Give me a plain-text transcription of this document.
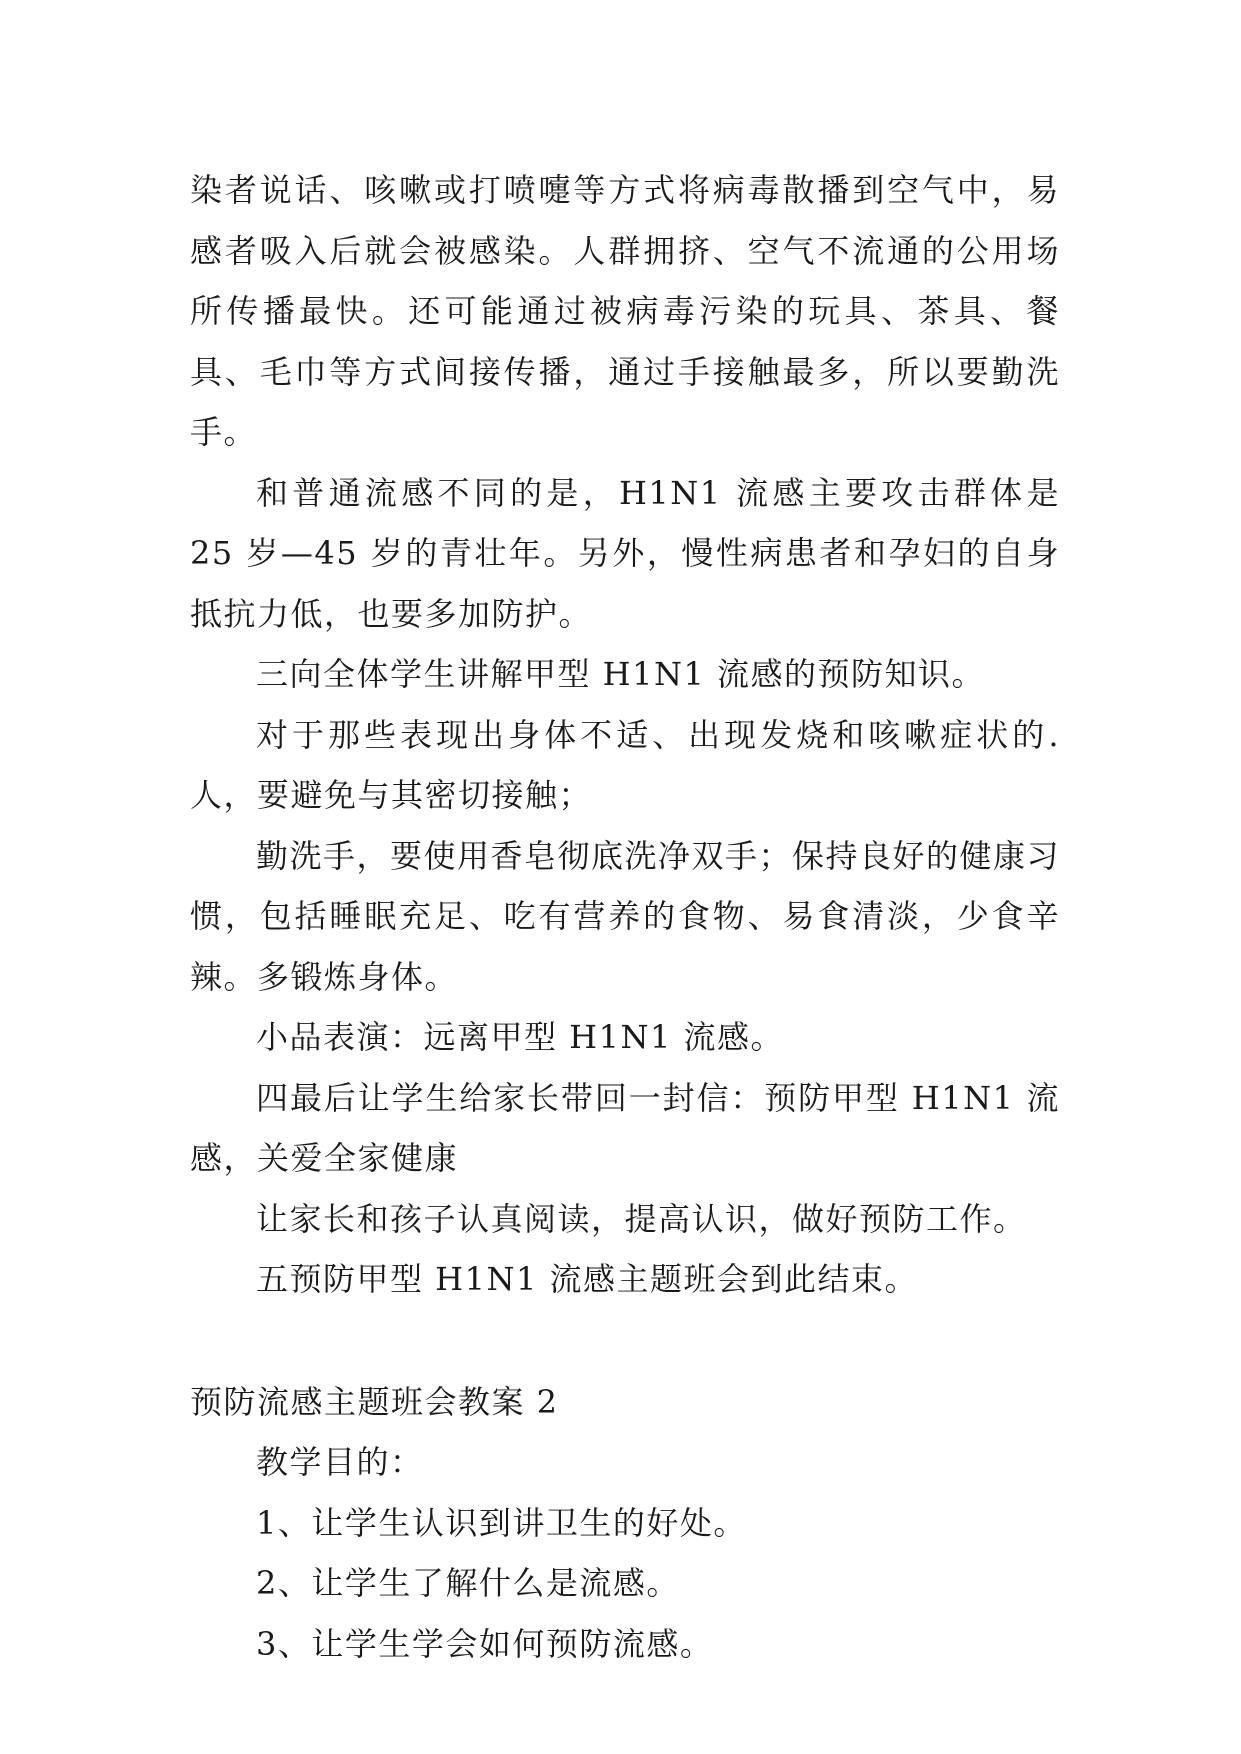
染者说话、咳嗽或打喷嚏等方式将病毒散播到空气中，易感者吸入后就会被感染。人群拥挤、空气不流通的公用场所传播最快。还可能通过被病毒污染的玩具、茶具、餐具、毛巾等方式间接传播，通过手接触最多，所以要勤洗手。

和普通流感不同的是，H1N1 流感主要攻击群体是 25 岁—45 岁的青壮年。另外，慢性病患者和孕妇的自身抵抗力低，也要多加防护。

三向全体学生讲解甲型 H1N1 流感的预防知识。

对于那些表现出身体不适、出现发烧和咳嗽症状的.人，要避免与其密切接触；

勤洗手，要使用香皂彻底洗净双手；保持良好的健康习惯，包括睡眠充足、吃有营养的食物、易食清淡，少食辛辣。多锻炼身体。

小品表演：远离甲型 H1N1 流感。

四最后让学生给家长带回一封信：预防甲型 H1N1 流感，关爱全家健康

让家长和孩子认真阅读，提高认识，做好预防工作。

五预防甲型 H1N1 流感主题班会到此结束。

预防流感主题班会教案 2

教学目的：

1、让学生认识到讲卫生的好处。

2、让学生了解什么是流感。

3、让学生学会如何预防流感。
